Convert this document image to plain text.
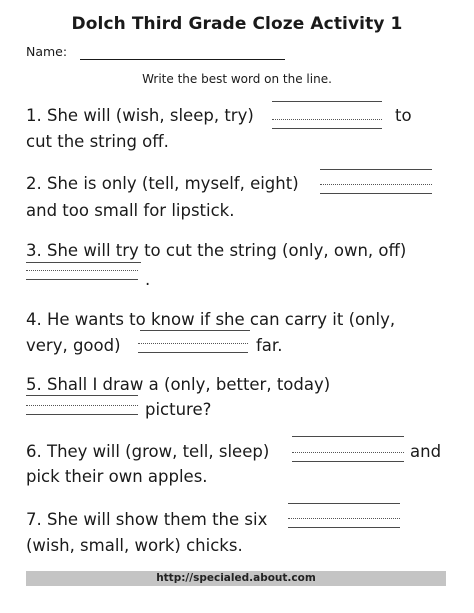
Dolch Third Grade Cloze Activity 1
Name:
Write the best word on the line.
1. She will (wish, sleep, try)	to
cut the string off.
2. She is only (tell, myself, eight)
and too small for lipstick.
3. She will try to cut the string (only, own, off)
.
4. He wants to know if she can carry it (only,
very, good)	far.
5. Shall I draw a (only, better, today)
picture?
6. They will (grow, tell, sleep)	and
pick their own apples.
7. She will show them the six
(wish, small, work) chicks.
http://specialed.about.com
